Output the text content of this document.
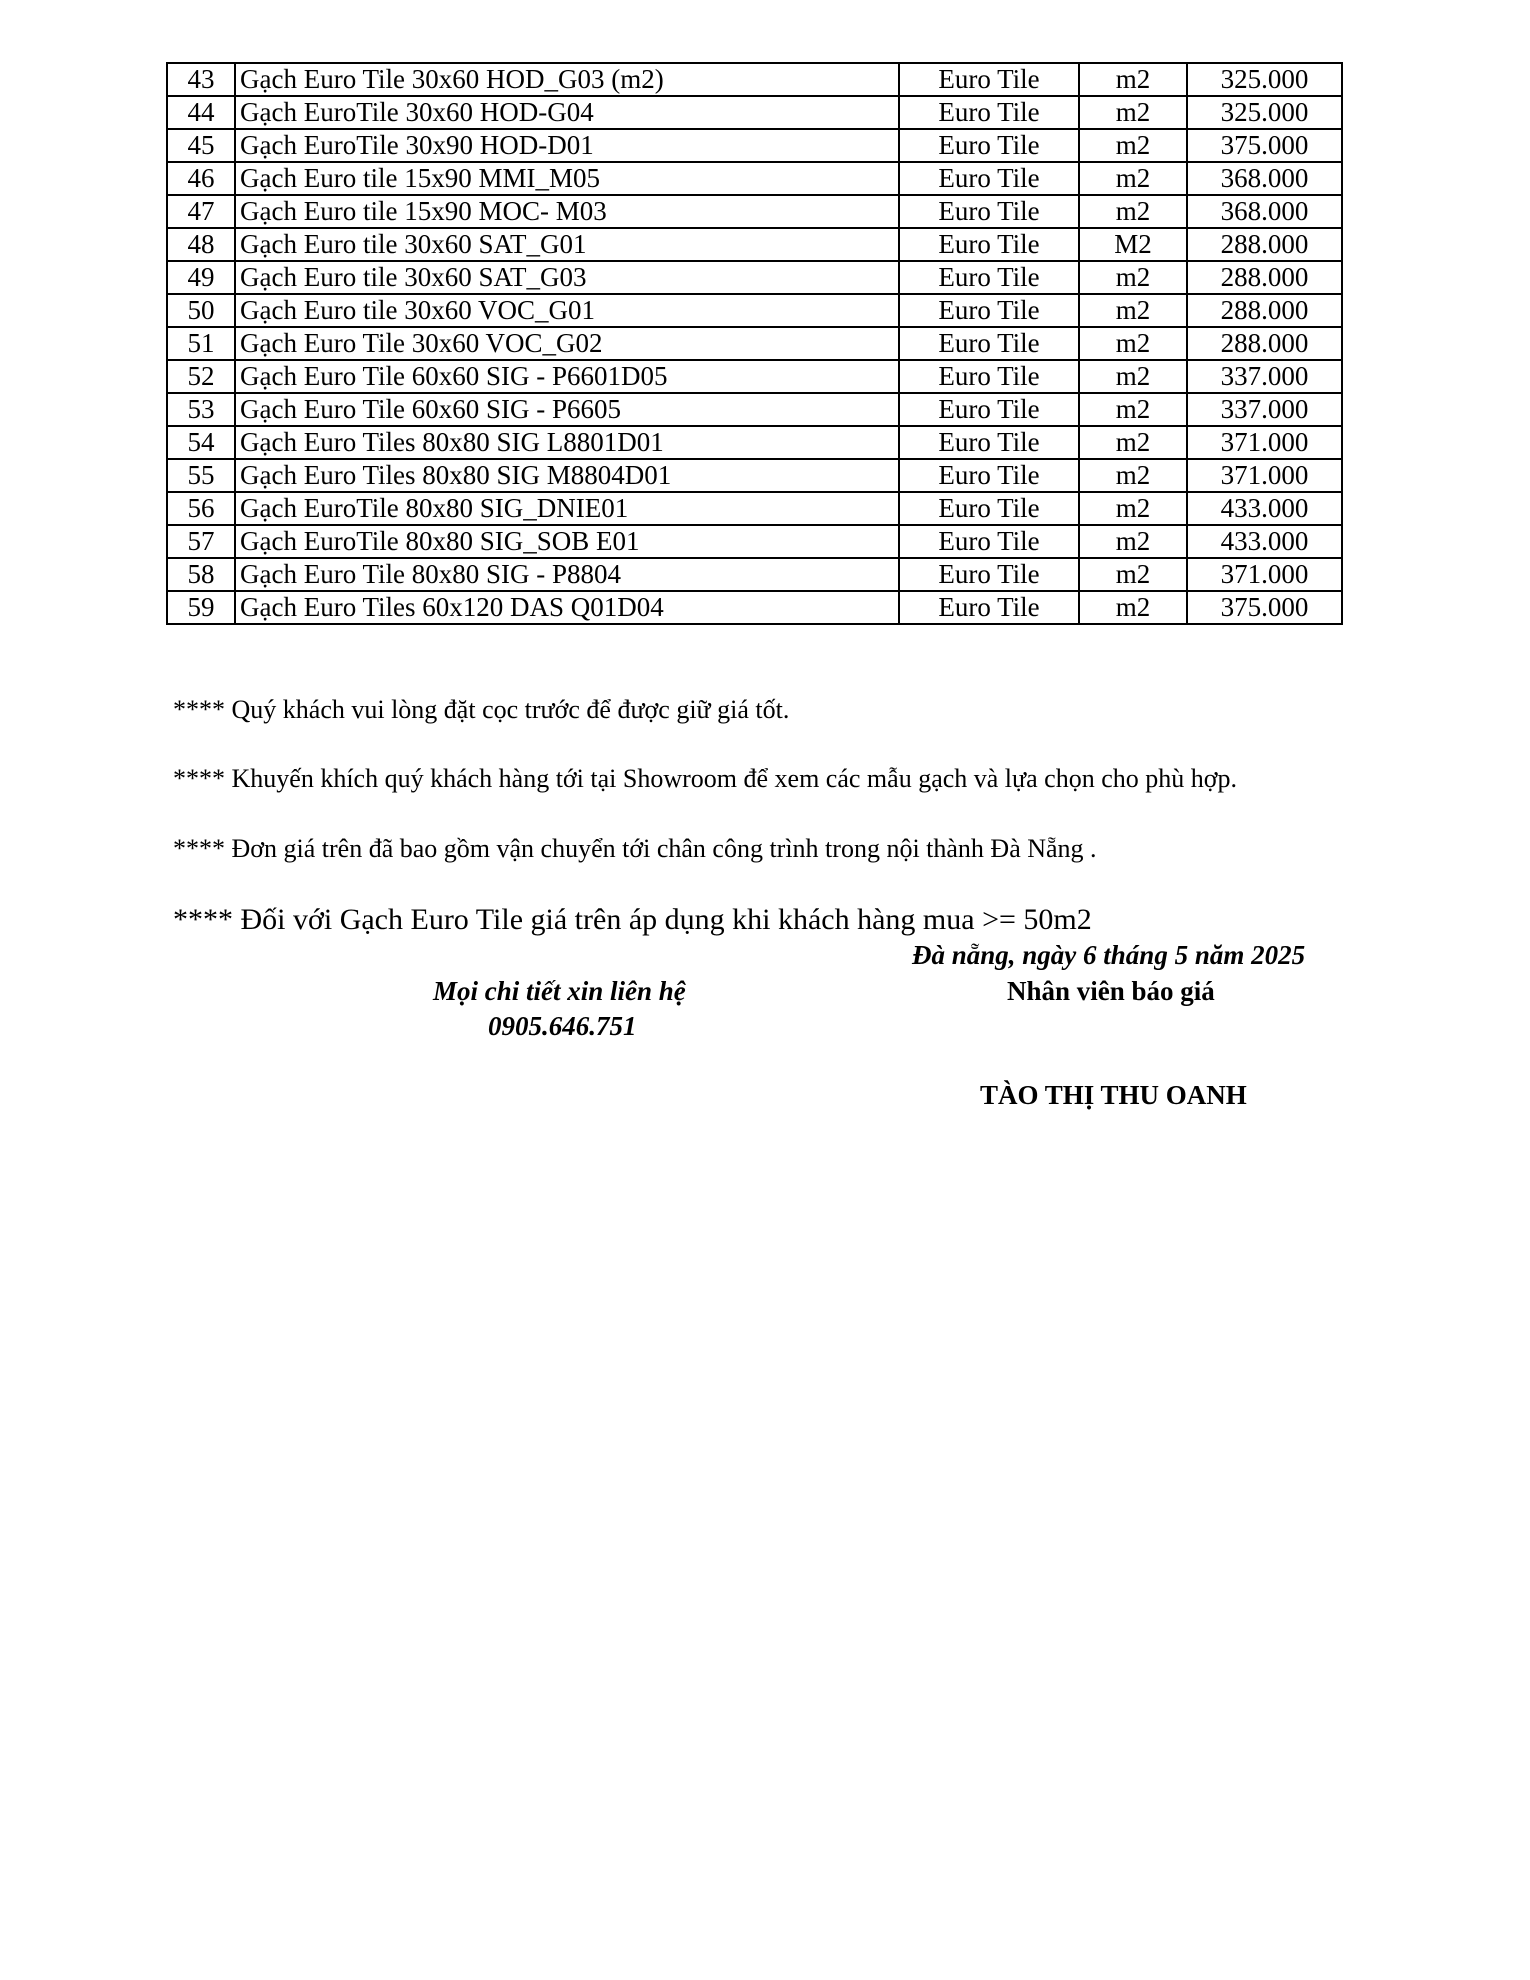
43	Gạch Euro Tile 30x60 HOD_G03 (m2)	Euro Tile	m2	325.000
44	Gạch EuroTile 30x60 HOD-G04	Euro Tile	m2	325.000
45	Gạch EuroTile 30x90 HOD-D01	Euro Tile	m2	375.000
46	Gạch Euro tile 15x90 MMI_M05	Euro Tile	m2	368.000
47	Gạch Euro tile 15x90 MOC- M03	Euro Tile	m2	368.000
48	Gạch Euro tile 30x60 SAT_G01	Euro Tile	M2	288.000
49	Gạch Euro tile 30x60 SAT_G03	Euro Tile	m2	288.000
50	Gạch Euro tile 30x60 VOC_G01	Euro Tile	m2	288.000
51	Gạch Euro Tile 30x60 VOC_G02	Euro Tile	m2	288.000
52	Gạch Euro Tile 60x60 SIG - P6601D05	Euro Tile	m2	337.000
53	Gạch Euro Tile 60x60 SIG - P6605	Euro Tile	m2	337.000
54	Gạch Euro Tiles 80x80 SIG L8801D01	Euro Tile	m2	371.000
55	Gạch Euro Tiles 80x80 SIG M8804D01	Euro Tile	m2	371.000
56	Gạch EuroTile 80x80 SIG_DNIE01	Euro Tile	m2	433.000
57	Gạch EuroTile 80x80 SIG_SOB E01	Euro Tile	m2	433.000
58	Gạch Euro Tile 80x80 SIG - P8804	Euro Tile	m2	371.000
59	Gạch Euro Tiles 60x120 DAS Q01D04	Euro Tile	m2	375.000
**** Quý khách vui lòng đặt cọc trước để được giữ giá tốt.
**** Khuyến khích quý khách hàng tới tại Showroom để xem các mẫu gạch và lựa chọn cho phù hợp.
**** Đơn giá trên đã bao gồm vận chuyển tới chân công trình trong nội thành Đà Nẵng .
**** Đối với Gạch Euro Tile giá trên áp dụng khi khách hàng mua >= 50m2
Đà nẵng, ngày 6 tháng 5 năm 2025
Mọi chi tiết xin liên hệ
0905.646.751
Nhân viên báo giá
TÀO THỊ THU OANH
